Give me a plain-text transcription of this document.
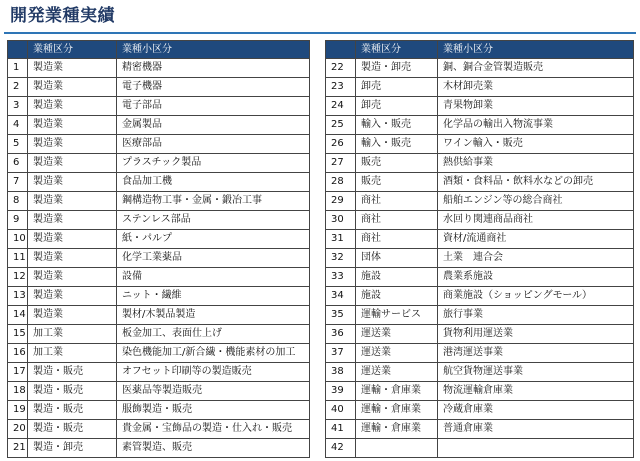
開発業種実績
	業種区分	業種小区分
1	製造業	精密機器
2	製造業	電子機器
3	製造業	電子部品
4	製造業	金属製品
5	製造業	医療部品
6	製造業	プラスチック製品
7	製造業	食品加工機
8	製造業	鋼構造物工事・金属・鍛冶工事
9	製造業	ステンレス部品
10	製造業	紙・パルプ
11	製造業	化学工業薬品
12	製造業	設備
13	製造業	ニット・繊維
14	製造業	製材/木製品製造
15	加工業	板金加工、表面仕上げ
16	加工業	染色機能加工/新合繊・機能素材の加工
17	製造・販売	オフセット印刷等の製造販売
18	製造・販売	医薬品等製造販売
19	製造・販売	服飾製造・販売
20	製造・販売	貴金属・宝飾品の製造・仕入れ・販売
21	製造・卸売	素管製造、販売
	業種区分	業種小区分
22	製造・卸売	銅、銅合金管製造販売
23	卸売	木材卸売業
24	卸売	青果物卸業
25	輸入・販売	化学品の輸出入物流事業
26	輸入・販売	ワイン輸入・販売
27	販売	熱供給事業
28	販売	酒類・食料品・飲料水などの卸売
29	商社	船舶エンジン等の総合商社
30	商社	水回り関連商品商社
31	商社	資材/流通商社
32	団体	土業　連合会
33	施設	農業系施設
34	施設	商業施設（ショッピングモール）
35	運輸サービス	旅行事業
36	運送業	貨物利用運送業
37	運送業	港湾運送事業
38	運送業	航空貨物運送事業
39	運輸・倉庫業	物流運輸倉庫業
40	運輸・倉庫業	冷蔵倉庫業
41	運輸・倉庫業	普通倉庫業
42		
